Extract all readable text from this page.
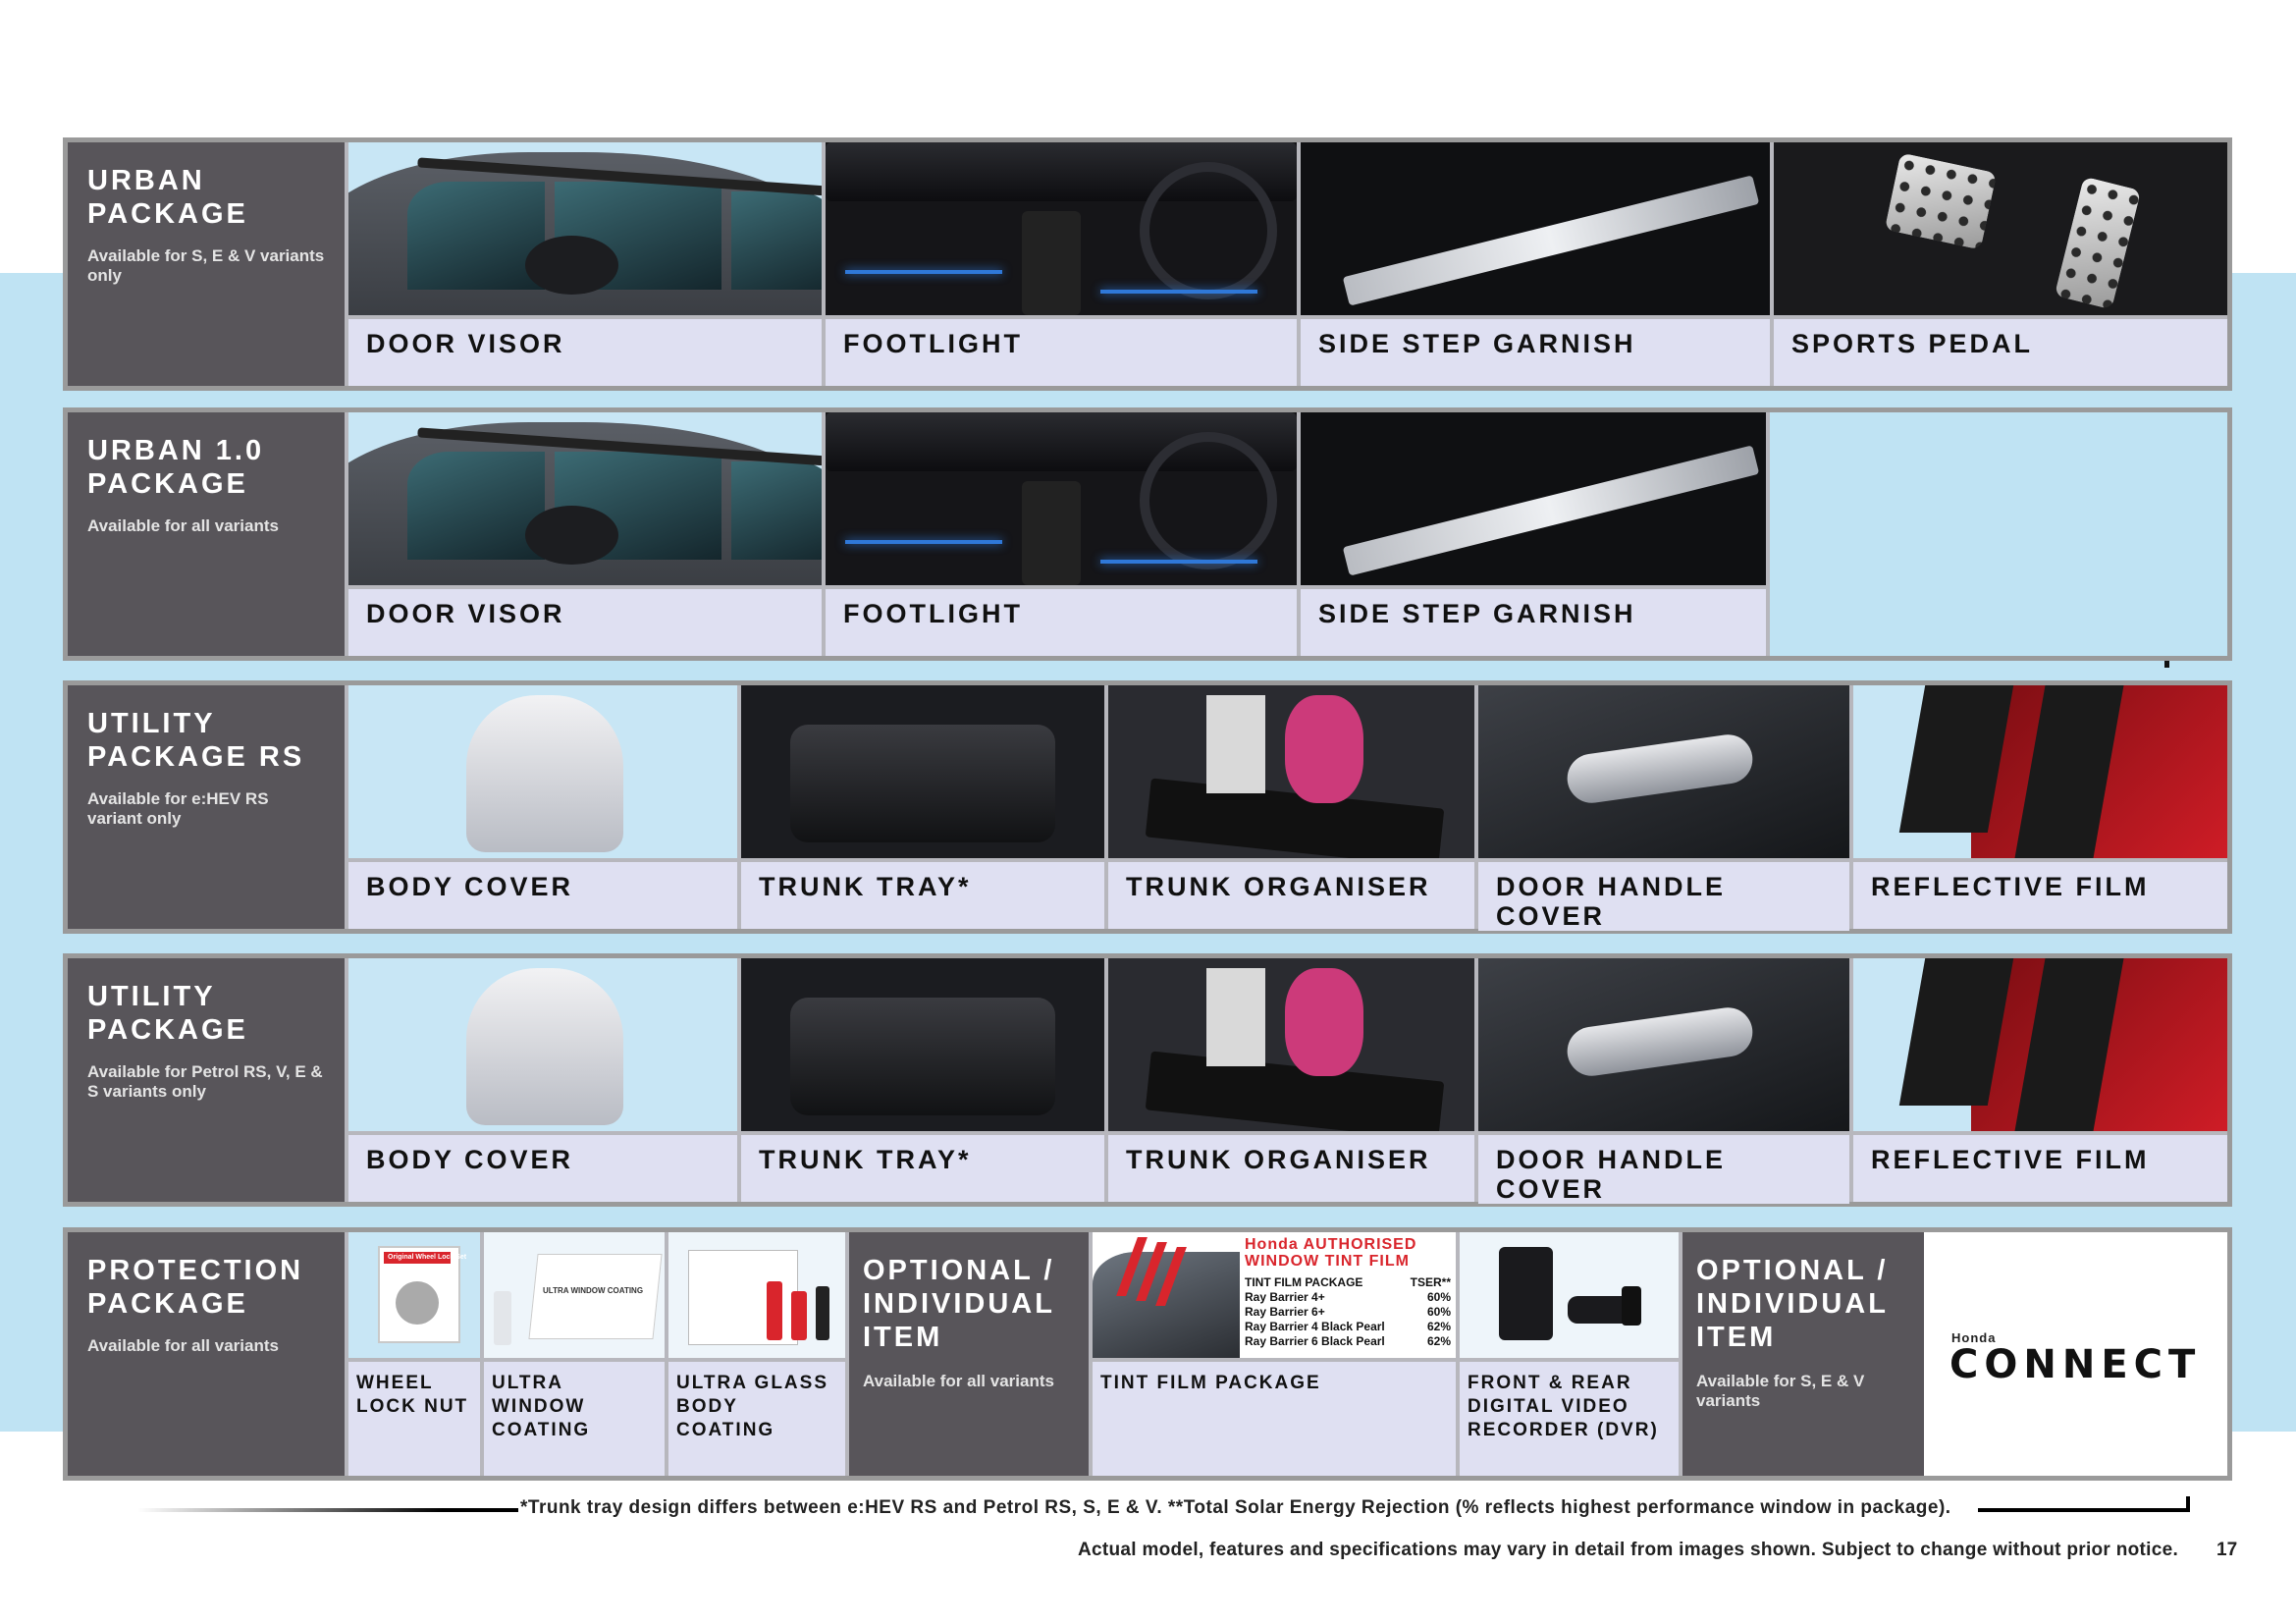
URBAN
PACKAGE

Available for S, E & V variants only

DOOR VISOR	FOOTLIGHT	SIDE STEP GARNISH	SPORTS PEDAL
URBAN 1.0
PACKAGE

Available for all variants

DOOR VISOR	FOOTLIGHT	SIDE STEP GARNISH
UTILITY
PACKAGE RS

Available for e:HEV RS variant only

BODY COVER	TRUNK TRAY*	TRUNK ORGANISER	DOOR HANDLE COVER
REFLECTIVE FILM
UTILITY
PACKAGE

Available for Petrol RS, V, E & S variants only

BODY COVER	TRUNK TRAY*	TRUNK ORGANISER	DOOR HANDLE COVER
REFLECTIVE FILM
PROTECTION
PACKAGE

Available for all variants

Original Wheel Lock Set
WHEEL LOCK NUT
ULTRA WINDOW COATING
ULTRA WINDOW COATING
ULTRA GLASS BODY COATING
OPTIONAL / INDIVIDUAL ITEM

Available for all variants

Honda AUTHORISED WINDOW TINT FILM
TINT FILM PACKAGE	TSER**
Ray Barrier 4+	60%
Ray Barrier 6+	60%
Ray Barrier 4 Black Pearl	62%
Ray Barrier 6 Black Pearl	62%
TINT FILM PACKAGE	FRONT & REAR DIGITAL VIDEO RECORDER (DVR)
OPTIONAL / INDIVIDUAL ITEM

Available for S, E & V variants

Honda
CONNECT
*Trunk tray design differs between e:HEV RS and Petrol RS, S, E & V. **Total Solar Energy Rejection (% reflects highest performance window in package).
Actual model, features and specifications may vary in detail from images shown. Subject to change without prior notice. 17
